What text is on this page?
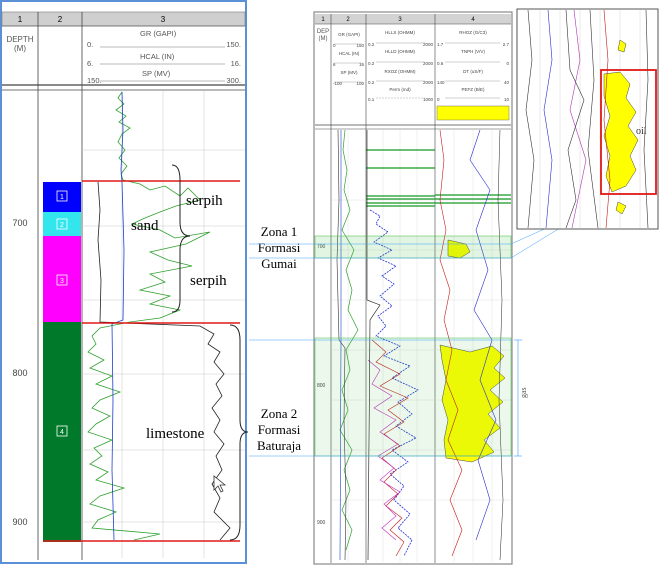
1	2	3
DEPTH
(M)
GR (GAPI)
0.	150.
HCAL (IN)
6.	16.
SP (MV)
150.	300.
700
800
900
1
2
3
4
serpih
sand
serpih
limestone
Zona 1
Formasi
Gumai
Zona 2
Formasi
Baturaja
1	2	3	4
DEP
(M)
GR (GAPI)
HCAL (IN)
SP (MV)
HLLS (OHMM)
HLLD (OHMM)
RXOZ (OHMM)
Perm (md)
RHOZ (G/C3)
TNPH (V/V)
DT (uS/F)
PEFZ (B/E)
0	150
6	16
-100	100
0.2	2000
0.2	2000
0.2	2000
0.1	1000
1.7	2.7
0.6	0
140	40
0	10
700
800
900
gas
oil
